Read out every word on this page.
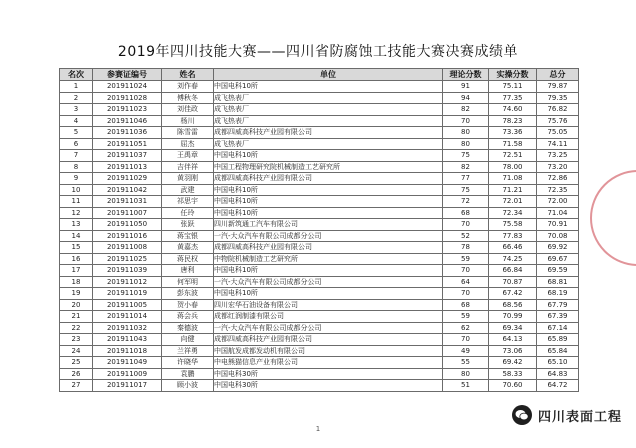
2019年四川技能大赛——四川省防腐蚀工技能大赛决赛成绩单
名次	参赛证编号	姓名	单位	理论分数	实操分数	总分
1	201911024	刘作春	中国电科10所	91	75.11	79.87
2	201911028	傅秋冬	成飞热表厂	94	77.35	79.35
3	201911023	刘佳政	成飞热表厂	82	74.60	76.82
4	201911046	杨川	成飞热表厂	70	78.23	75.76
5	201911036	陈雪雷	成都四威高科技产业园有限公司	80	73.36	75.05
6	201911051	屈杰	成飞热表厂	80	71.58	74.11
7	201911037	王禹章	中国电科10所	75	72.51	73.25
8	201911013	吉伴祥	中国工程物理研究院机械制造工艺研究所	82	78.00	73.20
9	201911029	黄羽刚	成都四威高科技产业园有限公司	77	71.08	72.86
10	201911042	武建	中国电科10所	75	71.21	72.35
11	201911031	祁思宇	中国电科10所	72	72.01	72.00
12	201911007	任玲	中国电科10所	68	72.34	71.04
13	201911050	张跃	四川新筑通工汽车有限公司	70	75.58	70.91
14	201911016	蒋宝银	一汽-大众汽车有限公司成都分公司	52	77.83	70.08
15	201911008	黄嘉杰	成都四威高科技产业园有限公司	78	66.46	69.92
16	201911025	蒋民权	中物院机械制造工艺研究所	59	74.25	69.67
17	201911039	唐利	中国电科10所	70	66.84	69.59
18	201911012	何军明	一汽-大众汽车有限公司成都分公司	64	70.87	68.81
19	201911019	彭东波	中国电科10所	70	67.42	68.19
20	201911005	贺小春	四川宏华石油设备有限公司	68	68.56	67.79
21	201911014	蒋会兵	成都红润制漆有限公司	59	70.99	67.39
22	201911032	秦德波	一汽-大众汽车有限公司成都分公司	62	69.34	67.14
23	201911043	向健	成都四威高科技产业园有限公司	70	64.13	65.89
24	201911018	兰祥勇	中国航发成都发动机有限公司	49	73.06	65.84
25	201911049	许晓华	中电熊猫信息产业有限公司	55	69.42	65.10
26	201911009	袁鹏	中国电科30所	80	58.33	64.83
27	201911017	顾小波	中国电科30所	51	70.60	64.72
1
四川表面工程
